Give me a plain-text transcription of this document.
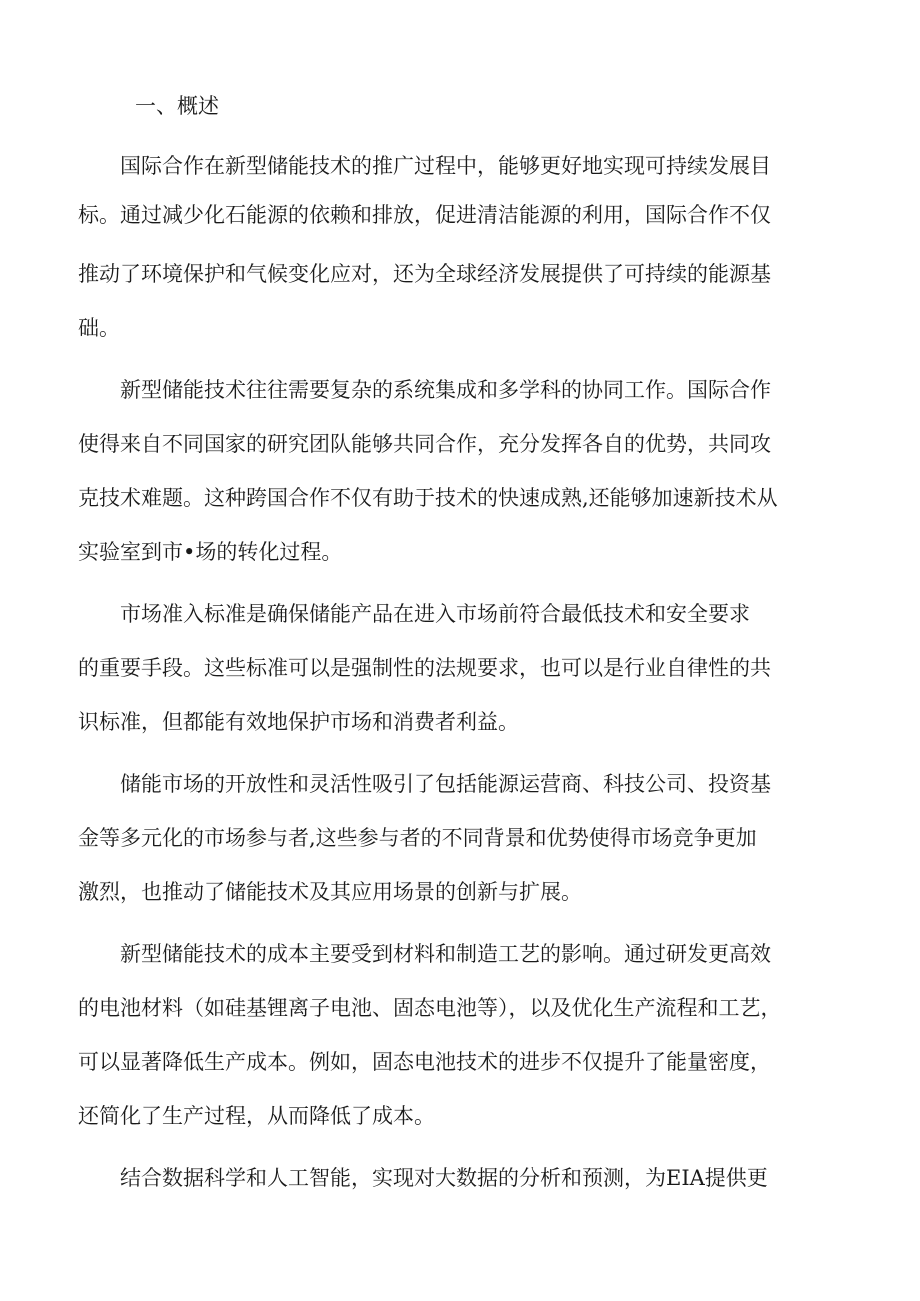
一、概述
国际合作在新型储能技术的推广过程中，能够更好地实现可持续发展目
标。通过减少化石能源的依赖和排放，促进清洁能源的利用，国际合作不仅
推动了环境保护和气候变化应对，还为全球经济发展提供了可持续的能源基
础。
新型储能技术往往需要复杂的系统集成和多学科的协同工作。国际合作
使得来自不同国家的研究团队能够共同合作，充分发挥各自的优势，共同攻
克技术难题。这种跨国合作不仅有助于技术的快速成熟,还能够加速新技术从
实验室到市•场的转化过程。
市场准入标准是确保储能产品在进入市场前符合最低技术和安全要求
的重要手段。这些标准可以是强制性的法规要求，也可以是行业自律性的共
识标准，但都能有效地保护市场和消费者利益。
储能市场的开放性和灵活性吸引了包括能源运营商、科技公司、投资基
金等多元化的市场参与者,这些参与者的不同背景和优势使得市场竞争更加
激烈，也推动了储能技术及其应用场景的创新与扩展。
新型储能技术的成本主要受到材料和制造工艺的影响。通过研发更高效
的电池材料（如硅基锂离子电池、固态电池等），以及优化生产流程和工艺，
可以显著降低生产成本。例如，固态电池技术的进步不仅提升了能量密度，
还简化了生产过程，从而降低了成本。
结合数据科学和人工智能，实现对大数据的分析和预测，为EIA提供更
